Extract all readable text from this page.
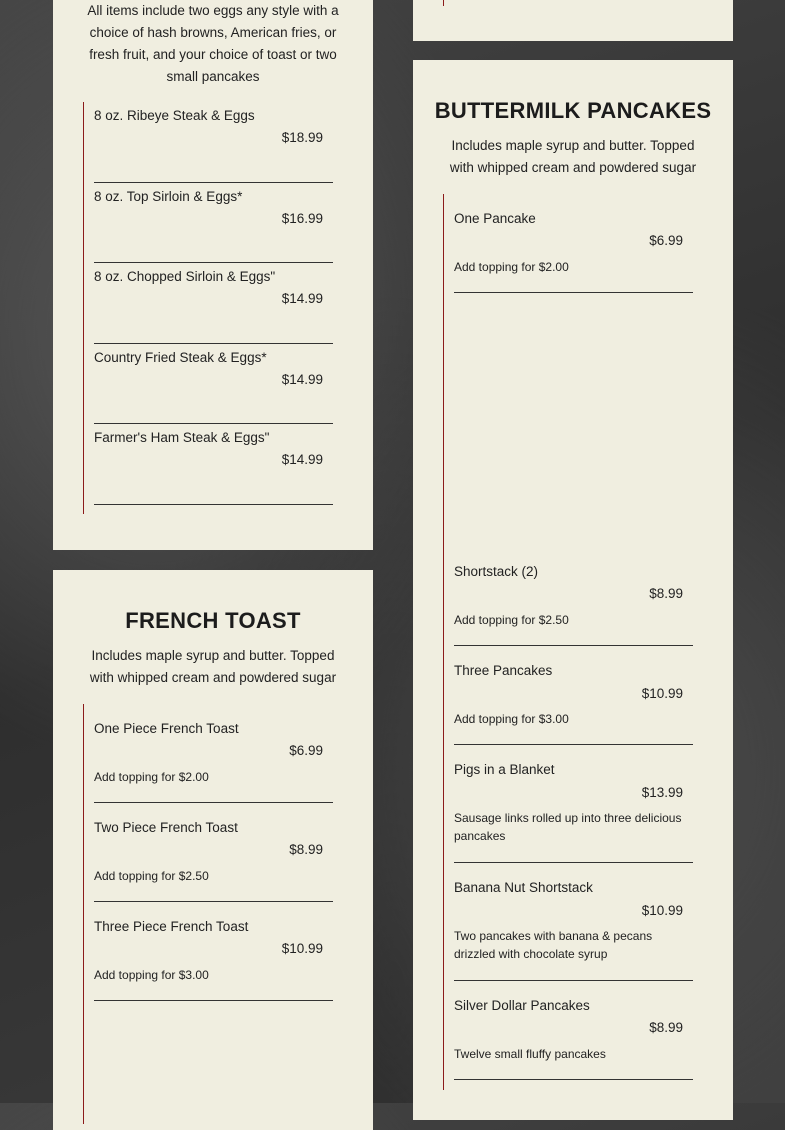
All items include two eggs any style with a choice of hash browns, American fries, or fresh fruit, and your choice of toast or two small pancakes
8 oz. Ribeye Steak & Eggs
$18.99
8 oz. Top Sirloin & Eggs*
$16.99
8 oz. Chopped Sirloin & Eggs"
$14.99
Country Fried Steak & Eggs*
$14.99
Farmer's Ham Steak & Eggs"
$14.99
FRENCH TOAST
Includes maple syrup and butter. Topped with whipped cream and powdered sugar
One Piece French Toast
$6.99
Add topping for $2.00
Two Piece French Toast
$8.99
Add topping for $2.50
Three Piece French Toast
$10.99
Add topping for $3.00
BUTTERMILK PANCAKES
Includes maple syrup and butter. Topped with whipped cream and powdered sugar
One Pancake
$6.99
Add topping for $2.00
Shortstack (2)
$8.99
Add topping for $2.50
Three Pancakes
$10.99
Add topping for $3.00
Pigs in a Blanket
$13.99
Sausage links rolled up into three delicious pancakes
Banana Nut Shortstack
$10.99
Two pancakes with banana & pecans drizzled with chocolate syrup
Silver Dollar Pancakes
$8.99
Twelve small fluffy pancakes
